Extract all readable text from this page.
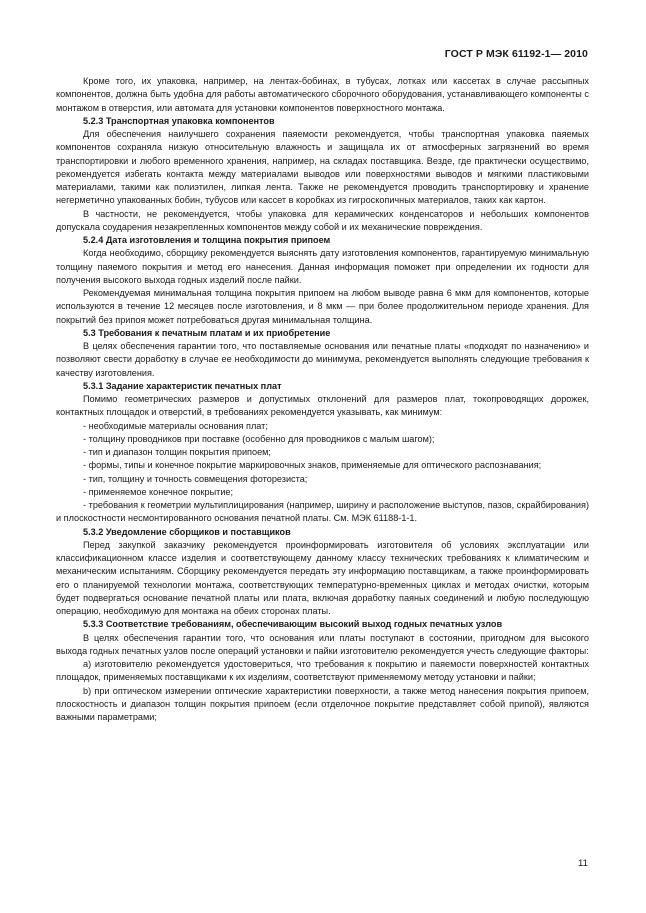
ГОСТ Р МЭК 61192-1— 2010

Кроме того, их упаковка, например, на лентах-бобинах, в тубусах, лотках или кассетах в случае рассыпных компонентов, должна быть удобна для работы автоматического сборочного оборудования, устанавливающего компоненты с монтажом в отверстия, или автомата для установки компонентов поверхностного монтажа.

5.2.3 Транспортная упаковка компонентов

Для обеспечения наилучшего сохранения паяемости рекомендуется, чтобы транспортная упаковка паяемых компонентов сохраняла низкую относительную влажность и защищала их от атмосферных загрязнений во время транспортировки и любого временного хранения, например, на складах поставщика. Везде, где практически осуществимо, рекомендуется избегать контакта между материалами выводов или поверхностями выводов и мягкими пластиковыми материалами, такими как полиэтилен, липкая лента. Также не рекомендуется проводить транспортировку и хранение негерметично упакованных бобин, тубусов или кассет в коробках из гигроскопичных материалов, таких как картон.

В частности, не рекомендуется, чтобы упаковка для керамических конденсаторов и небольших компонентов допускала соударения незакрепленных компонентов между собой и их механические повреждения.

5.2.4 Дата изготовления и толщина покрытия припоем

Когда необходимо, сборщику рекомендуется выяснять дату изготовления компонентов, гарантируемую минимальную толщину паяемого покрытия и метод его нанесения. Данная информация поможет при определении их годности для получения высокого выхода годных изделий после пайки.

Рекомендуемая минимальная толщина покрытия припоем на любом выводе равна 6 мкм для компонентов, которые используются в течение 12 месяцев после изготовления, и 8 мкм — при более продолжительном периоде хранения. Для покрытий без припоя может потребоваться другая минимальная толщина.

5.3 Требования к печатным платам и их приобретение

В целях обеспечения гарантии того, что поставляемые основания или печатные платы «подходят по назначению» и позволяют свести доработку в случае ее необходимости до минимума, рекомендуется выполнять следующие требования к качеству изготовления.

5.3.1 Задание характеристик печатных плат

Помимо геометрических размеров и допустимых отклонений для размеров плат, токопроводящих дорожек, контактных площадок и отверстий, в требованиях рекомендуется указывать, как минимум:

- необходимые материалы основания плат;

- толщину проводников при поставке (особенно для проводников с малым шагом);

- тип и диапазон толщин покрытия припоем;

- формы, типы и конечное покрытие маркировочных знаков, применяемые для оптического распознавания;

- тип, толщину и точность совмещения фоторезиста;

- применяемое конечное покрытие;

- требования к геометрии мультиплицирования (например, ширину и расположение выступов, пазов, скрайбирования) и плоскостности несмонтированного основания печатной платы. См. МЭК 61188-1-1.

5.3.2 Уведомление сборщиков и поставщиков

Перед закупкой заказчику рекомендуется проинформировать изготовителя об условиях эксплуатации или классификационном классе изделия и соответствующему данному классу технических требованиях к климатическим и механическим испытаниям. Сборщику рекомендуется передать эту информацию поставщикам, а также проинформировать его о планируемой технологии монтажа, соответствующих температурно-временных циклах и методах очистки, которым будет подвергаться основание печатной платы или плата, включая доработку паяных соединений и любую последующую операцию, необходимую для монтажа на обеих сторонах платы.

5.3.3 Соответствие требованиям, обеспечивающим высокий выход годных печатных узлов

В целях обеспечения гарантии того, что основания или платы поступают в состоянии, пригодном для высокого выхода годных печатных узлов после операций установки и пайки изготовителю рекомендуется учесть следующие факторы:

a) изготовителю рекомендуется удостовериться, что требования к покрытию и паяемости поверхностей контактных площадок, применяемых поставщиками к их изделиям, соответствуют применяемому методу установки и пайки;

b) при оптическом измерении оптические характеристики поверхности, а также метод нанесения покрытия припоем, плоскостность и диапазон толщин покрытия припоем (если отделочное покрытие представляет собой припой), являются важными параметрами;

11
